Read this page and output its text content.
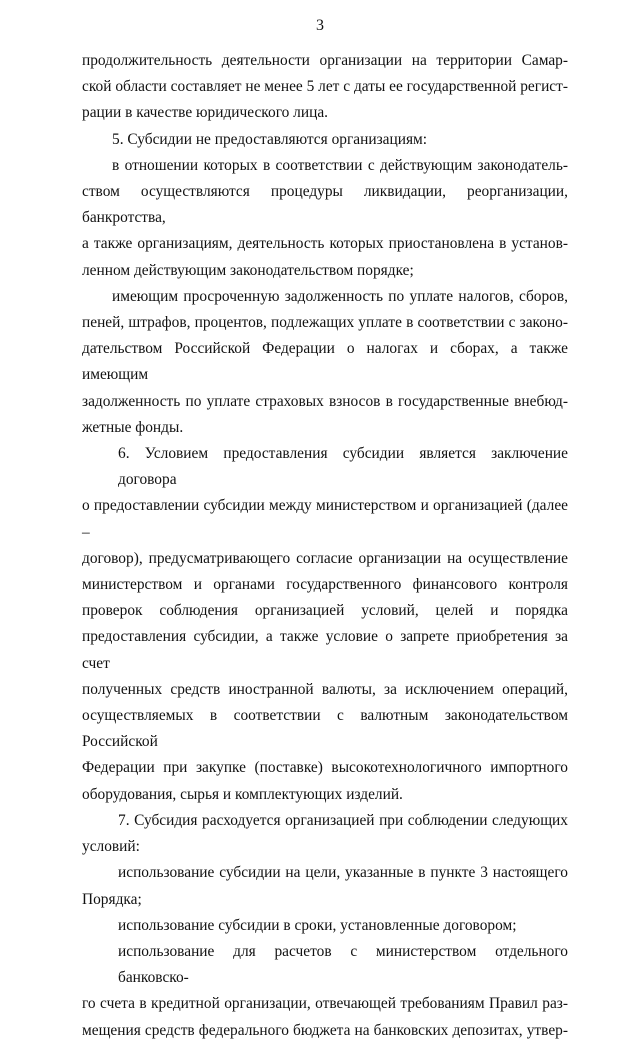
3
продолжительность деятельности организации на территории Самар-
ской области составляет не менее 5 лет с даты ее государственной регист-
рации в качестве юридического лица.
5. Субсидии не предоставляются организациям:
в отношении которых в соответствии с действующим законодатель-
ством осуществляются процедуры ликвидации, реорганизации, банкротства,
а также организациям, деятельность которых приостановлена в установ-
ленном действующим законодательством порядке;
имеющим просроченную задолженность по уплате налогов, сборов,
пеней, штрафов, процентов, подлежащих уплате в соответствии с законо-
дательством Российской Федерации о налогах и сборах, а также имеющим
задолженность по уплате страховых взносов в государственные внебюд-
жетные фонды.
6. Условием предоставления субсидии является заключение договора
о предоставлении субсидии между министерством и организацией (далее –
договор), предусматривающего согласие организации на осуществление
министерством и органами государственного финансового контроля
проверок соблюдения организацией условий, целей и порядка
предоставления субсидии, а также условие о запрете приобретения за счет
полученных средств иностранной валюты, за исключением операций,
осуществляемых в соответствии с валютным законодательством Российской
Федерации при закупке (поставке) высокотехнологичного импортного
оборудования, сырья и комплектующих изделий.
7. Субсидия расходуется организацией при соблюдении следующих
условий:
использование субсидии на цели, указанные в пункте 3 настоящего
Порядка;
использование субсидии в сроки, установленные договором;
использование для расчетов с министерством отдельного банковско-
го счета в кредитной организации, отвечающей требованиям Правил раз-
мещения средств федерального бюджета на банковских депозитах, утвер-
